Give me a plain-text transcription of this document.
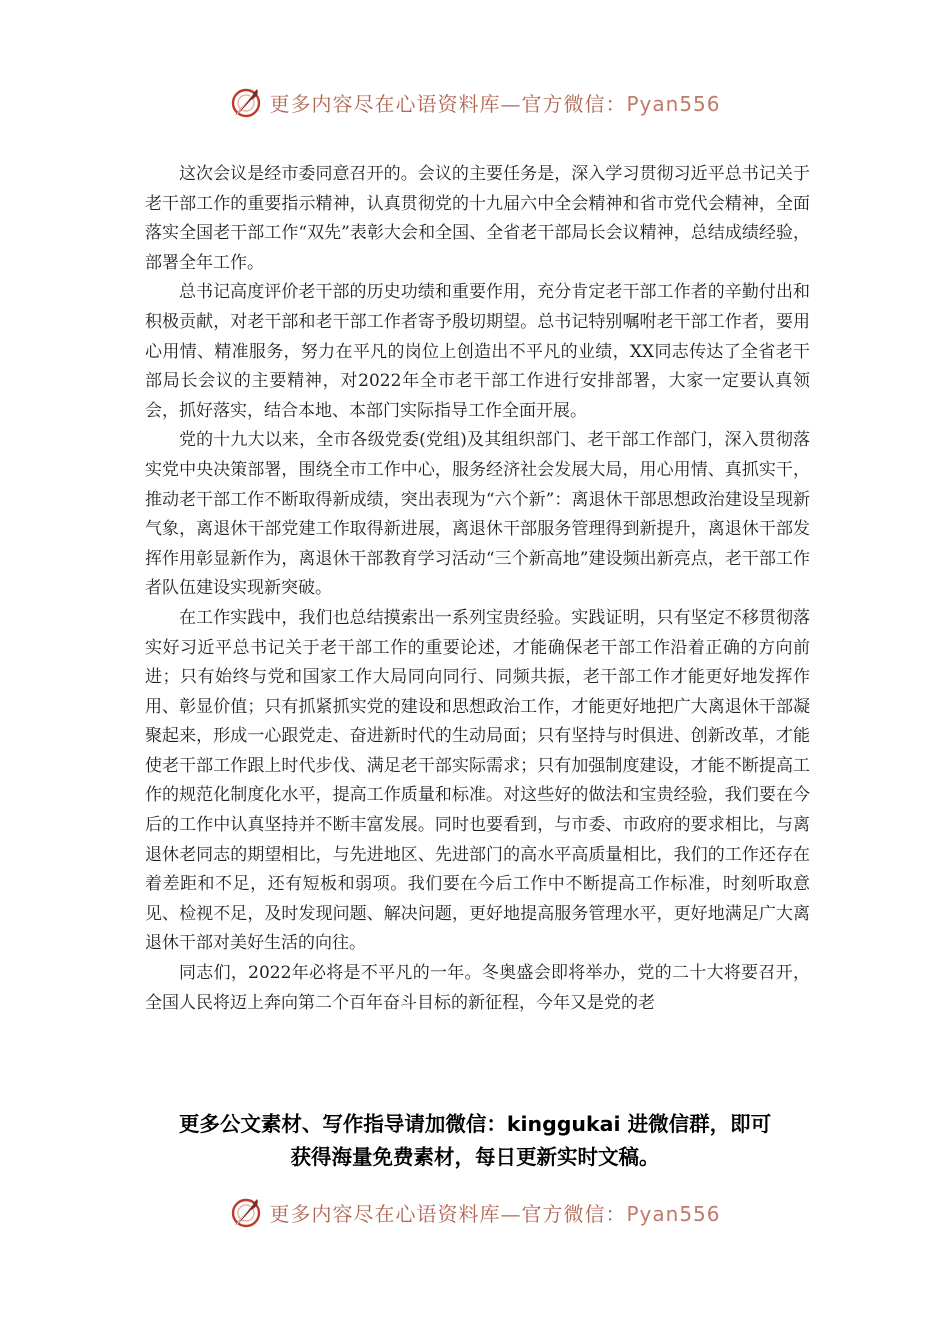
更多内容尽在心语资料库—官方微信：Pyan556

这次会议是经市委同意召开的。会议的主要任务是，深入学习贯彻习近平总书记关于老干部工作的重要指示精神，认真贯彻党的十九届六中全会精神和省市党代会精神，全面落实全国老干部工作“双先”表彰大会和全国、全省老干部局长会议精神，总结成绩经验，部署全年工作。

总书记高度评价老干部的历史功绩和重要作用，充分肯定老干部工作者的辛勤付出和积极贡献，对老干部和老干部工作者寄予殷切期望。总书记特别嘱咐老干部工作者，要用心用情、精准服务，努力在平凡的岗位上创造出不平凡的业绩，XX同志传达了全省老干部局长会议的主要精神，对2022年全市老干部工作进行安排部署，大家一定要认真领会，抓好落实，结合本地、本部门实际指导工作全面开展。

党的十九大以来，全市各级党委(党组)及其组织部门、老干部工作部门，深入贯彻落实党中央决策部署，围绕全市工作中心，服务经济社会发展大局，用心用情、真抓实干，推动老干部工作不断取得新成绩，突出表现为“六个新”：离退休干部思想政治建设呈现新气象，离退休干部党建工作取得新进展，离退休干部服务管理得到新提升，离退休干部发挥作用彰显新作为，离退休干部教育学习活动“三个新高地”建设频出新亮点，老干部工作者队伍建设实现新突破。

在工作实践中，我们也总结摸索出一系列宝贵经验。实践证明，只有坚定不移贯彻落实好习近平总书记关于老干部工作的重要论述，才能确保老干部工作沿着正确的方向前进；只有始终与党和国家工作大局同向同行、同频共振，老干部工作才能更好地发挥作用、彰显价值；只有抓紧抓实党的建设和思想政治工作，才能更好地把广大离退休干部凝聚起来，形成一心跟党走、奋进新时代的生动局面；只有坚持与时俱进、创新改革，才能使老干部工作跟上时代步伐、满足老干部实际需求；只有加强制度建设，才能不断提高工作的规范化制度化水平，提高工作质量和标准。对这些好的做法和宝贵经验，我们要在今后的工作中认真坚持并不断丰富发展。同时也要看到，与市委、市政府的要求相比，与离退休老同志的期望相比，与先进地区、先进部门的高水平高质量相比，我们的工作还存在着差距和不足，还有短板和弱项。我们要在今后工作中不断提高工作标准，时刻听取意见、检视不足，及时发现问题、解决问题，更好地提高服务管理水平，更好地满足广大离退休干部对美好生活的向往。

同志们，2022年必将是不平凡的一年。冬奥盛会即将举办，党的二十大将要召开，全国人民将迈上奔向第二个百年奋斗目标的新征程，今年又是党的老

更多公文素材、写作指导请加微信：kinggukai 进微信群，即可
获得海量免费素材，每日更新实时文稿。
更多内容尽在心语资料库—官方微信：Pyan556
